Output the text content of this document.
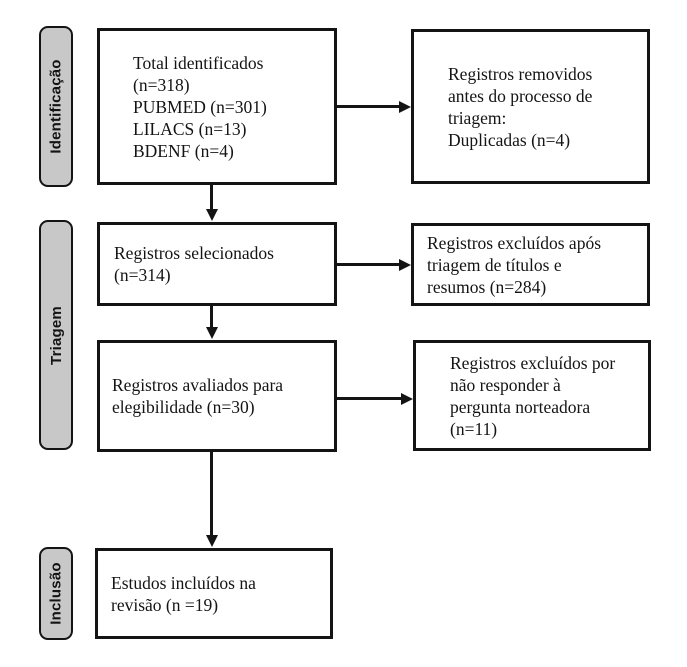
Identificação
Triagem
Inclusão
Total identificados
(n=318)
PUBMED (n=301)
LILACS (n=13)
BDENF (n=4)
Registros removidos
antes do processo de
triagem:
Duplicadas (n=4)
Registros selecionados
(n=314)
Registros excluídos após
triagem de títulos e
resumos (n=284)
Registros avaliados para
elegibilidade (n=30)
Registros excluídos por
não responder à
pergunta norteadora
(n=11)
Estudos incluídos na
revisão (n =19)
